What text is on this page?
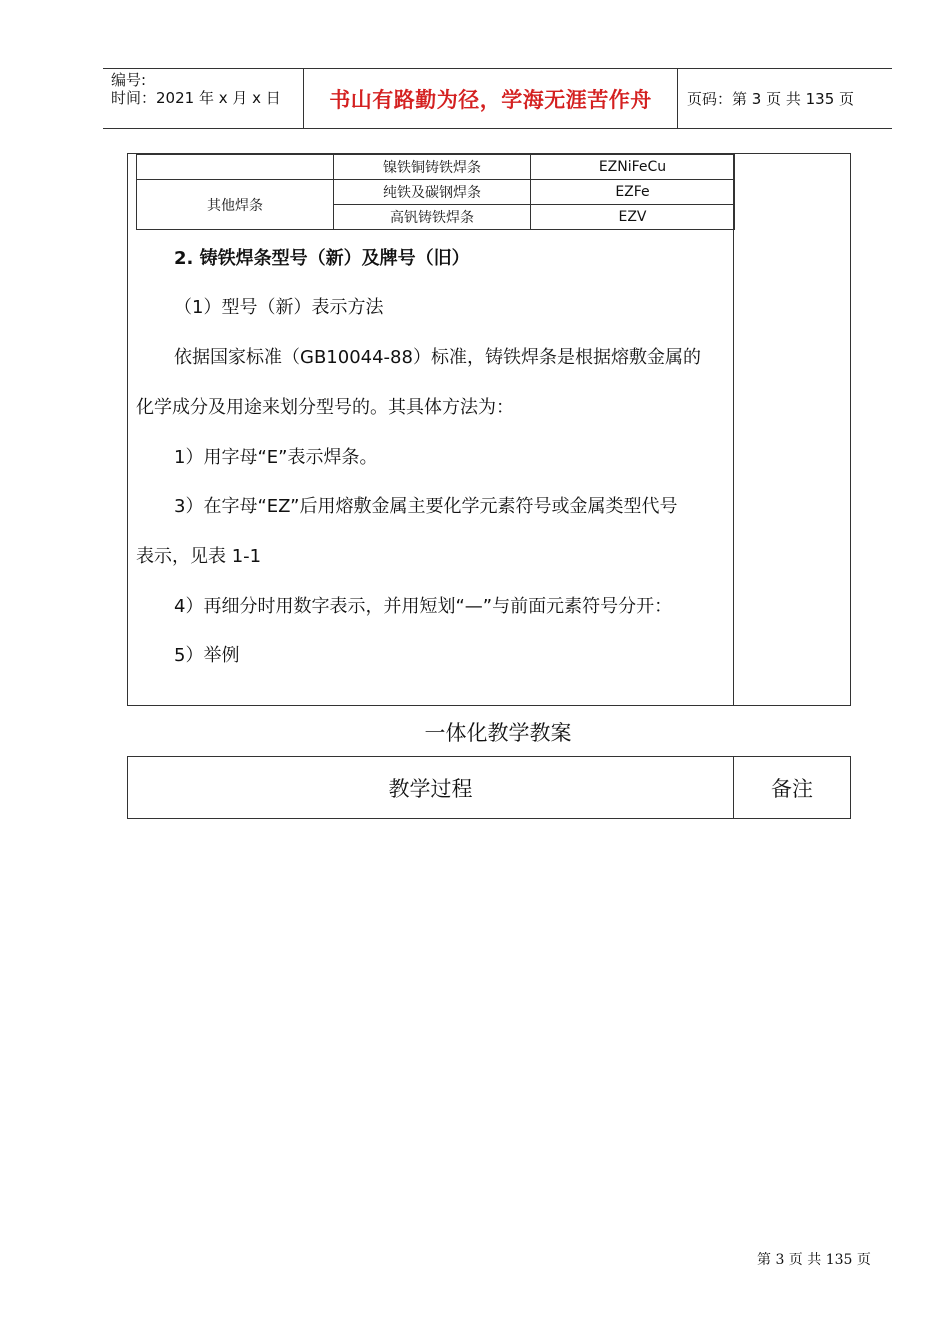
编号:
时间：2021 年 x 月 x 日	书山有路勤为径，学海无涯苦作舟	页码：第 3 页 共 135 页
	镍铁铜铸铁焊条	EZNiFeCu
其他焊条	纯铁及碳钢焊条	EZFe
	高钒铸铁焊条	EZV
2. 铸铁焊条型号（新）及牌号（旧）
（1）型号（新）表示方法
依据国家标准（GB10044-88）标准，铸铁焊条是根据熔敷金属的
化学成分及用途来划分型号的。其具体方法为：
1）用字母“E”表示焊条。
3）在字母“EZ”后用熔敷金属主要化学元素符号或金属类型代号
表示，见表 1-1
4）再细分时用数字表示，并用短划“—”与前面元素符号分开：
5）举例
一体化教学教案
教学过程	备注
第 3 页 共 135 页
